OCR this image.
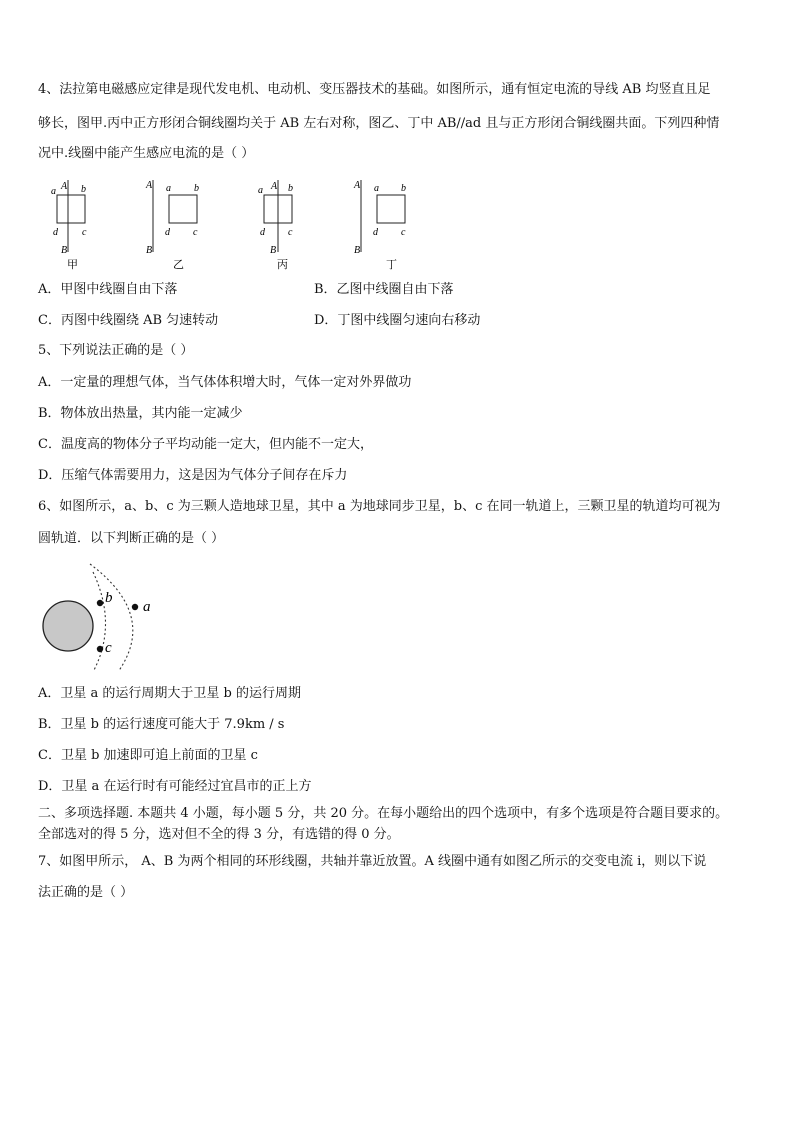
4、法拉第电磁感应定律是现代发电机、电动机、变压器技术的基础。如图所示，通有恒定电流的导线 AB 均竖直且足
够长，图甲.丙中正方形闭合铜线圈均关于 AB 左右对称，图乙、丁中 AB//ad 且与正方形闭合铜线圈共面。下列四种情
况中.线圈中能产生感应电流的是（ ）
A
a	b
c
d
B
甲
A a b
c
d
B
乙
A
a	b
c
d
B
丙
A a b
c
d
B
丁
A．甲图中线圈自由下落	B．乙图中线圈自由下落
C．丙图中线圈绕 AB 匀速转动	D．丁图中线圈匀速向右移动
5、下列说法正确的是（ ）
A．一定量的理想气体，当气体体积增大时，气体一定对外界做功
B．物体放出热量，其内能一定减少
C．温度高的物体分子平均动能一定大，但内能不一定大，
D．压缩气体需要用力，这是因为气体分子间存在斥力
6、如图所示，a、b、c 为三颗人造地球卫星，其中 a 为地球同步卫星，b、c 在同一轨道上，三颗卫星的轨道均可视为
圆轨道．以下判断正确的是（ ）
b
c
a
A．卫星 a 的运行周期大于卫星 b 的运行周期
B．卫星 b 的运行速度可能大于 7.9km / s
C．卫星 b 加速即可追上前面的卫星 c
D．卫星 a 在运行时有可能经过宜昌市的正上方
二、多项选择题. 本题共 4 小题，每小题 5 分，共 20 分。在每小题给出的四个选项中，有多个选项是符合题目要求的。
全部选对的得 5 分，选对但不全的得 3 分，有选错的得 0 分。
7、如图甲所示， A、B 为两个相同的环形线圈，共轴并靠近放置。A 线圈中通有如图乙所示的交变电流 i，则以下说
法正确的是（ ）
